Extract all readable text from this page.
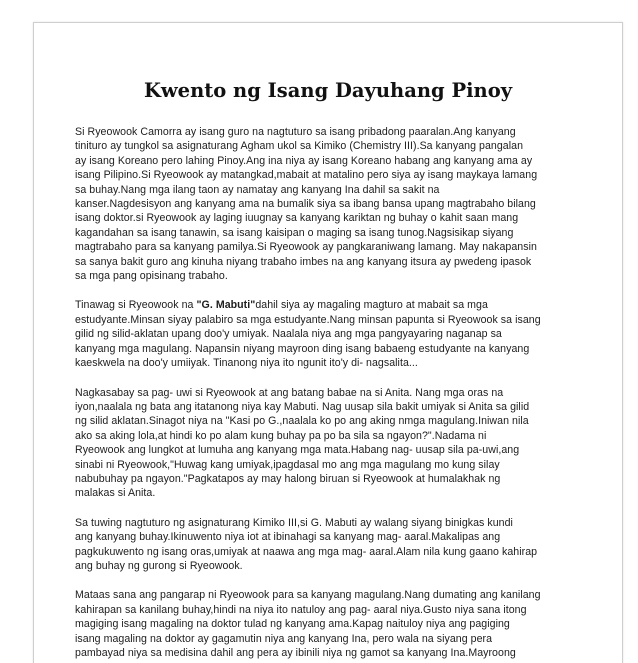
Kwento ng Isang Dayuhang Pinoy

Si Ryeowook Camorra ay isang guro na nagtuturo sa isang pribadong paaralan.Ang kanyang
tinituro ay tungkol sa asignaturang Agham ukol sa Kimiko (Chemistry III).Sa kanyang pangalan
ay isang Koreano pero lahing Pinoy.Ang ina niya ay isang Koreano habang ang kanyang ama ay
isang Pilipino.Si Ryeowook ay matangkad,mabait at matalino pero siya ay isang maykaya lamang
sa buhay.Nang mga ilang taon ay namatay ang kanyang Ina dahil sa sakit na
kanser.Nagdesisyon ang kanyang ama na bumalik siya sa ibang bansa upang magtrabaho bilang
isang doktor.si Ryeowook ay laging iuugnay sa kanyang kariktan ng buhay o kahit saan mang
kagandahan sa isang tanawin, sa isang kaisipan o maging sa isang tunog.Nagsisikap siyang
magtrabaho para sa kanyang pamilya.Si Ryeowook ay pangkaraniwang lamang. May nakapansin
sa sanya bakit guro ang kinuha niyang trabaho imbes na ang kanyang itsura ay pwedeng ipasok
sa mga pang opisinang trabaho.

Tinawag si Ryeowook na "G. Mabuti"dahil siya ay magaling magturo at mabait sa mga
estudyante.Minsan siyay palabiro sa mga estudyante.Nang minsan papunta si Ryeowook sa isang
gilid ng silid-aklatan upang doo'y umiyak. Naalala niya ang mga pangyayaring naganap sa
kanyang mga magulang. Napansin niyang mayroon ding isang babaeng estudyante na kanyang
kaeskwela na doo'y umiiyak. Tinanong niya ito ngunit ito'y di- nagsalita...

Nagkasabay sa pag- uwi si Ryeowook at ang batang babae na si Anita. Nang mga oras na
iyon,naalala ng bata ang itatanong niya kay Mabuti. Nag uusap sila bakit umiyak si Anita sa gilid
ng silid aklatan.Sinagot niya na "Kasi po G.,naalala ko po ang aking nmga magulang.Iniwan nila
ako sa aking lola,at hindi ko po alam kung buhay pa po ba sila sa ngayon?".Nadama ni
Ryeowook ang lungkot at lumuha ang kanyang mga mata.Habang nag- uusap sila pa-uwi,ang
sinabi ni Ryeowook,"Huwag kang umiyak,ipagdasal mo ang mga magulang mo kung silay
nabubuhay pa ngayon."Pagkatapos ay may halong biruan si Ryeowook at humalakhak ng
malakas si Anita.

Sa tuwing nagtuturo ng asignaturang Kimiko III,si G. Mabuti ay walang siyang binigkas kundi
ang kanyang buhay.Ikinuwento niya iot at ibinahagi sa kanyang mag- aaral.Makalipas ang
pagkukuwento ng isang oras,umiyak at naawa ang mga mag- aaral.Alam nila kung gaano kahirap
ang buhay ng gurong si Ryeowook.

Mataas sana ang pangarap ni Ryeowook para sa kanyang magulang.Nang dumating ang kanilang
kahirapan sa kanilang buhay,hindi na niya ito natuloy ang pag- aaral niya.Gusto niya sana itong
magiging isang magaling na doktor tulad ng kanyang ama.Kapag naituloy niya ang pagiging
isang magaling na doktor ay gagamutin niya ang kanyang Ina, pero wala na siyang pera
pambayad niya sa medisina dahil ang pera ay ibinili niya ng gamot sa kanyang Ina.Mayroong
